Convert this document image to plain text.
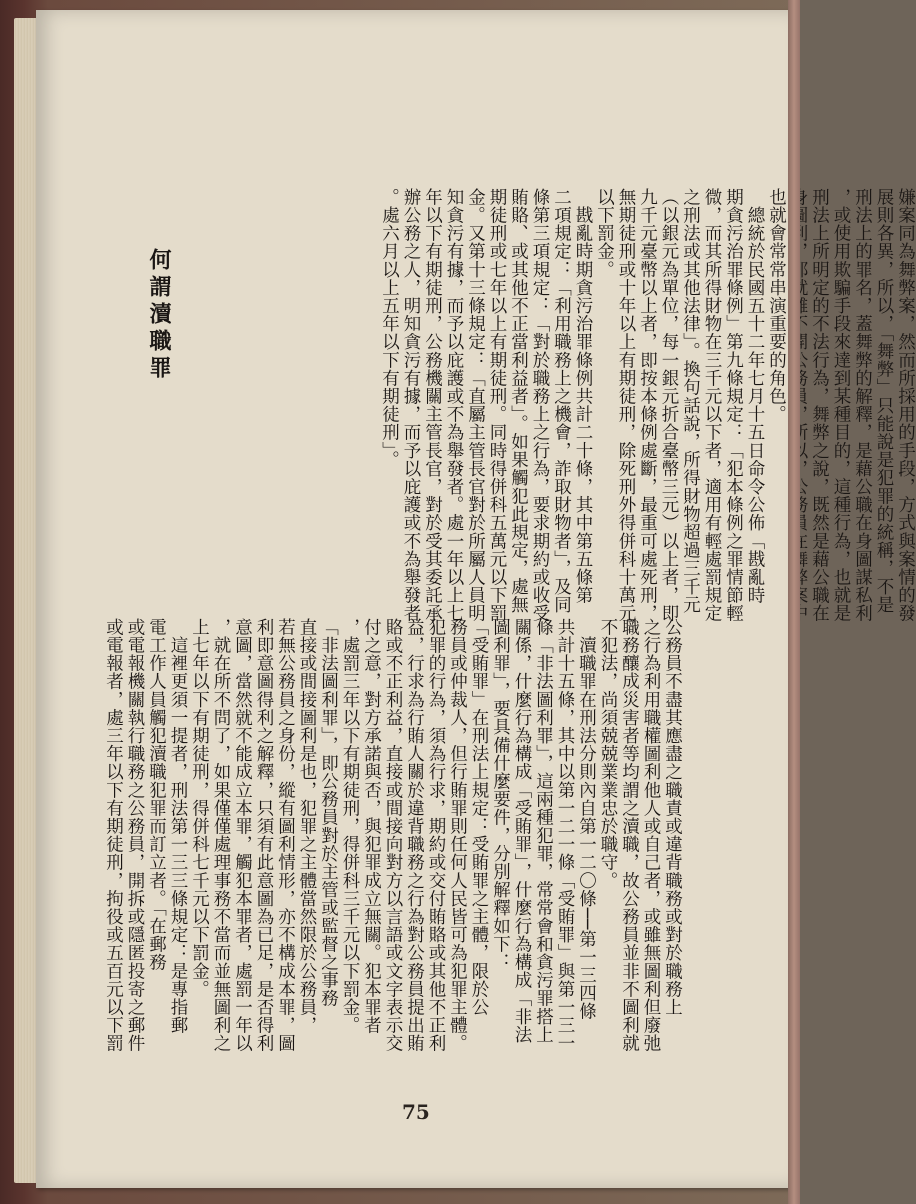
公務員不盡其應盡之職責或違背職務或對於職務上
之行為利用職權圖利他人或自己者，或雖無圖利但廢弛
職務釀成災害者等均謂之瀆職，故公務員並非不圖利就
不犯法，尚須兢兢業業忠於職守。
　瀆職罪在刑法分則內自第一二〇條──第一三四條
共計十五條，其中以第一二一條「受賄罪」與第一三一
條「非法圖利罪」，這兩種犯罪，常常會和貪污罪搭上
關係，什麼行為構成「受賄罪」，什麼行為構成「非法
圖利罪」，要具備什麼要件，分別解釋如下：
「受賄罪」在刑法上規定：受賄罪之主體，限於公
務員或仲裁人，但行賄罪則任何人民皆可為犯罪主體。
犯罪的行為，須為行求，期約或交付賄賂或其他不正利
益，行求為行賄人關於違背職務之行為對公務員提出賄
賂或不正利益，直接或間接向對方以言語或文字表示交
付之意，對方承諾與否，與犯罪成立無關。犯本罪者
，處罰三年以下有期徒刑，得併科三千元以下罰金。
「非法圖利罪」，即公務員對於主管或監督之事務
直接或間接圖利是也，犯罪之主體當然限於公務員，
若無公務員之身份，縱有圖利情形，亦不構成本罪，圖
利即意圖得利之解釋，只須有此意圖為已足，是否得利
意圖，當然就不能成立本罪，觸犯本罪者，處罰一年以
，就在所不問了，如果僅僅處理事務不當而並無圖利之
上七年以下有期徒刑，得併科七千元以下罰金。
　這裡更須一提者，刑法第一三三條規定：是專指郵
電工作人員觸犯瀆職犯罪而訂立者。「在郵務
或電報機關執行職務之公務員，開拆或隱匿投寄之郵件
或電報者，處三年以下有期徒刑，拘役或五百元以下罰
嫌案同為舞弊案，然而所採用的手段，方式與案情的發
展則各異，所以，「舞弊」只能說是犯罪的統稱，不是
刑法上的罪名，蓋舞弊的解釋，是藉公職在身圖謀私利
，或使用欺騙手段來達到某種目的，這種行為，也就是
刑法上所明定的不法行為，舞弊之說，既然是藉公職在

也就會常常串演重要的角色。
　總統於民國五十二年七月十五日命令公佈「戡亂時
期貪污治罪條例」第九條規定：「犯本條例之罪情節輕
微，而其所得財物在三千元以下者，適用有輕處罰規定
之刑法或其他法律」。換句話說，所得財物超過三千元
（以銀元為單位，每一銀元折合臺幣三元）以上者，即
九千元臺幣以上者，即按本條例處斷，最重可處死刑，
無期徒刑或十年以上有期徒刑，除死刑外得併科十萬元
以下罰金。
　戡亂時期貪污治罪條例共計二十條，其中第五條第
二項規定：「利用職務上之機會，詐取財物者」，及同
條第三項規定：「對於職務上之行為，要求期約或收受
賄賂、或其他不正當利益者」。如果觸犯此規定，處無
期徒刑或七年以上有期徒刑。同時得併科五萬元以下罰
金。又第十三條規定：「直屬主管長官對於所屬人員明
知貪污有據，而予以庇護或不為舉發者。處一年以上七
年以下有期徒刑，公務機關主管長官，對於受其委託承
辦公務之人，明知貪污有據，而予以庇護或不為舉發者
。處六月以上五年以下有期徒刑」。
何謂瀆職罪
75
